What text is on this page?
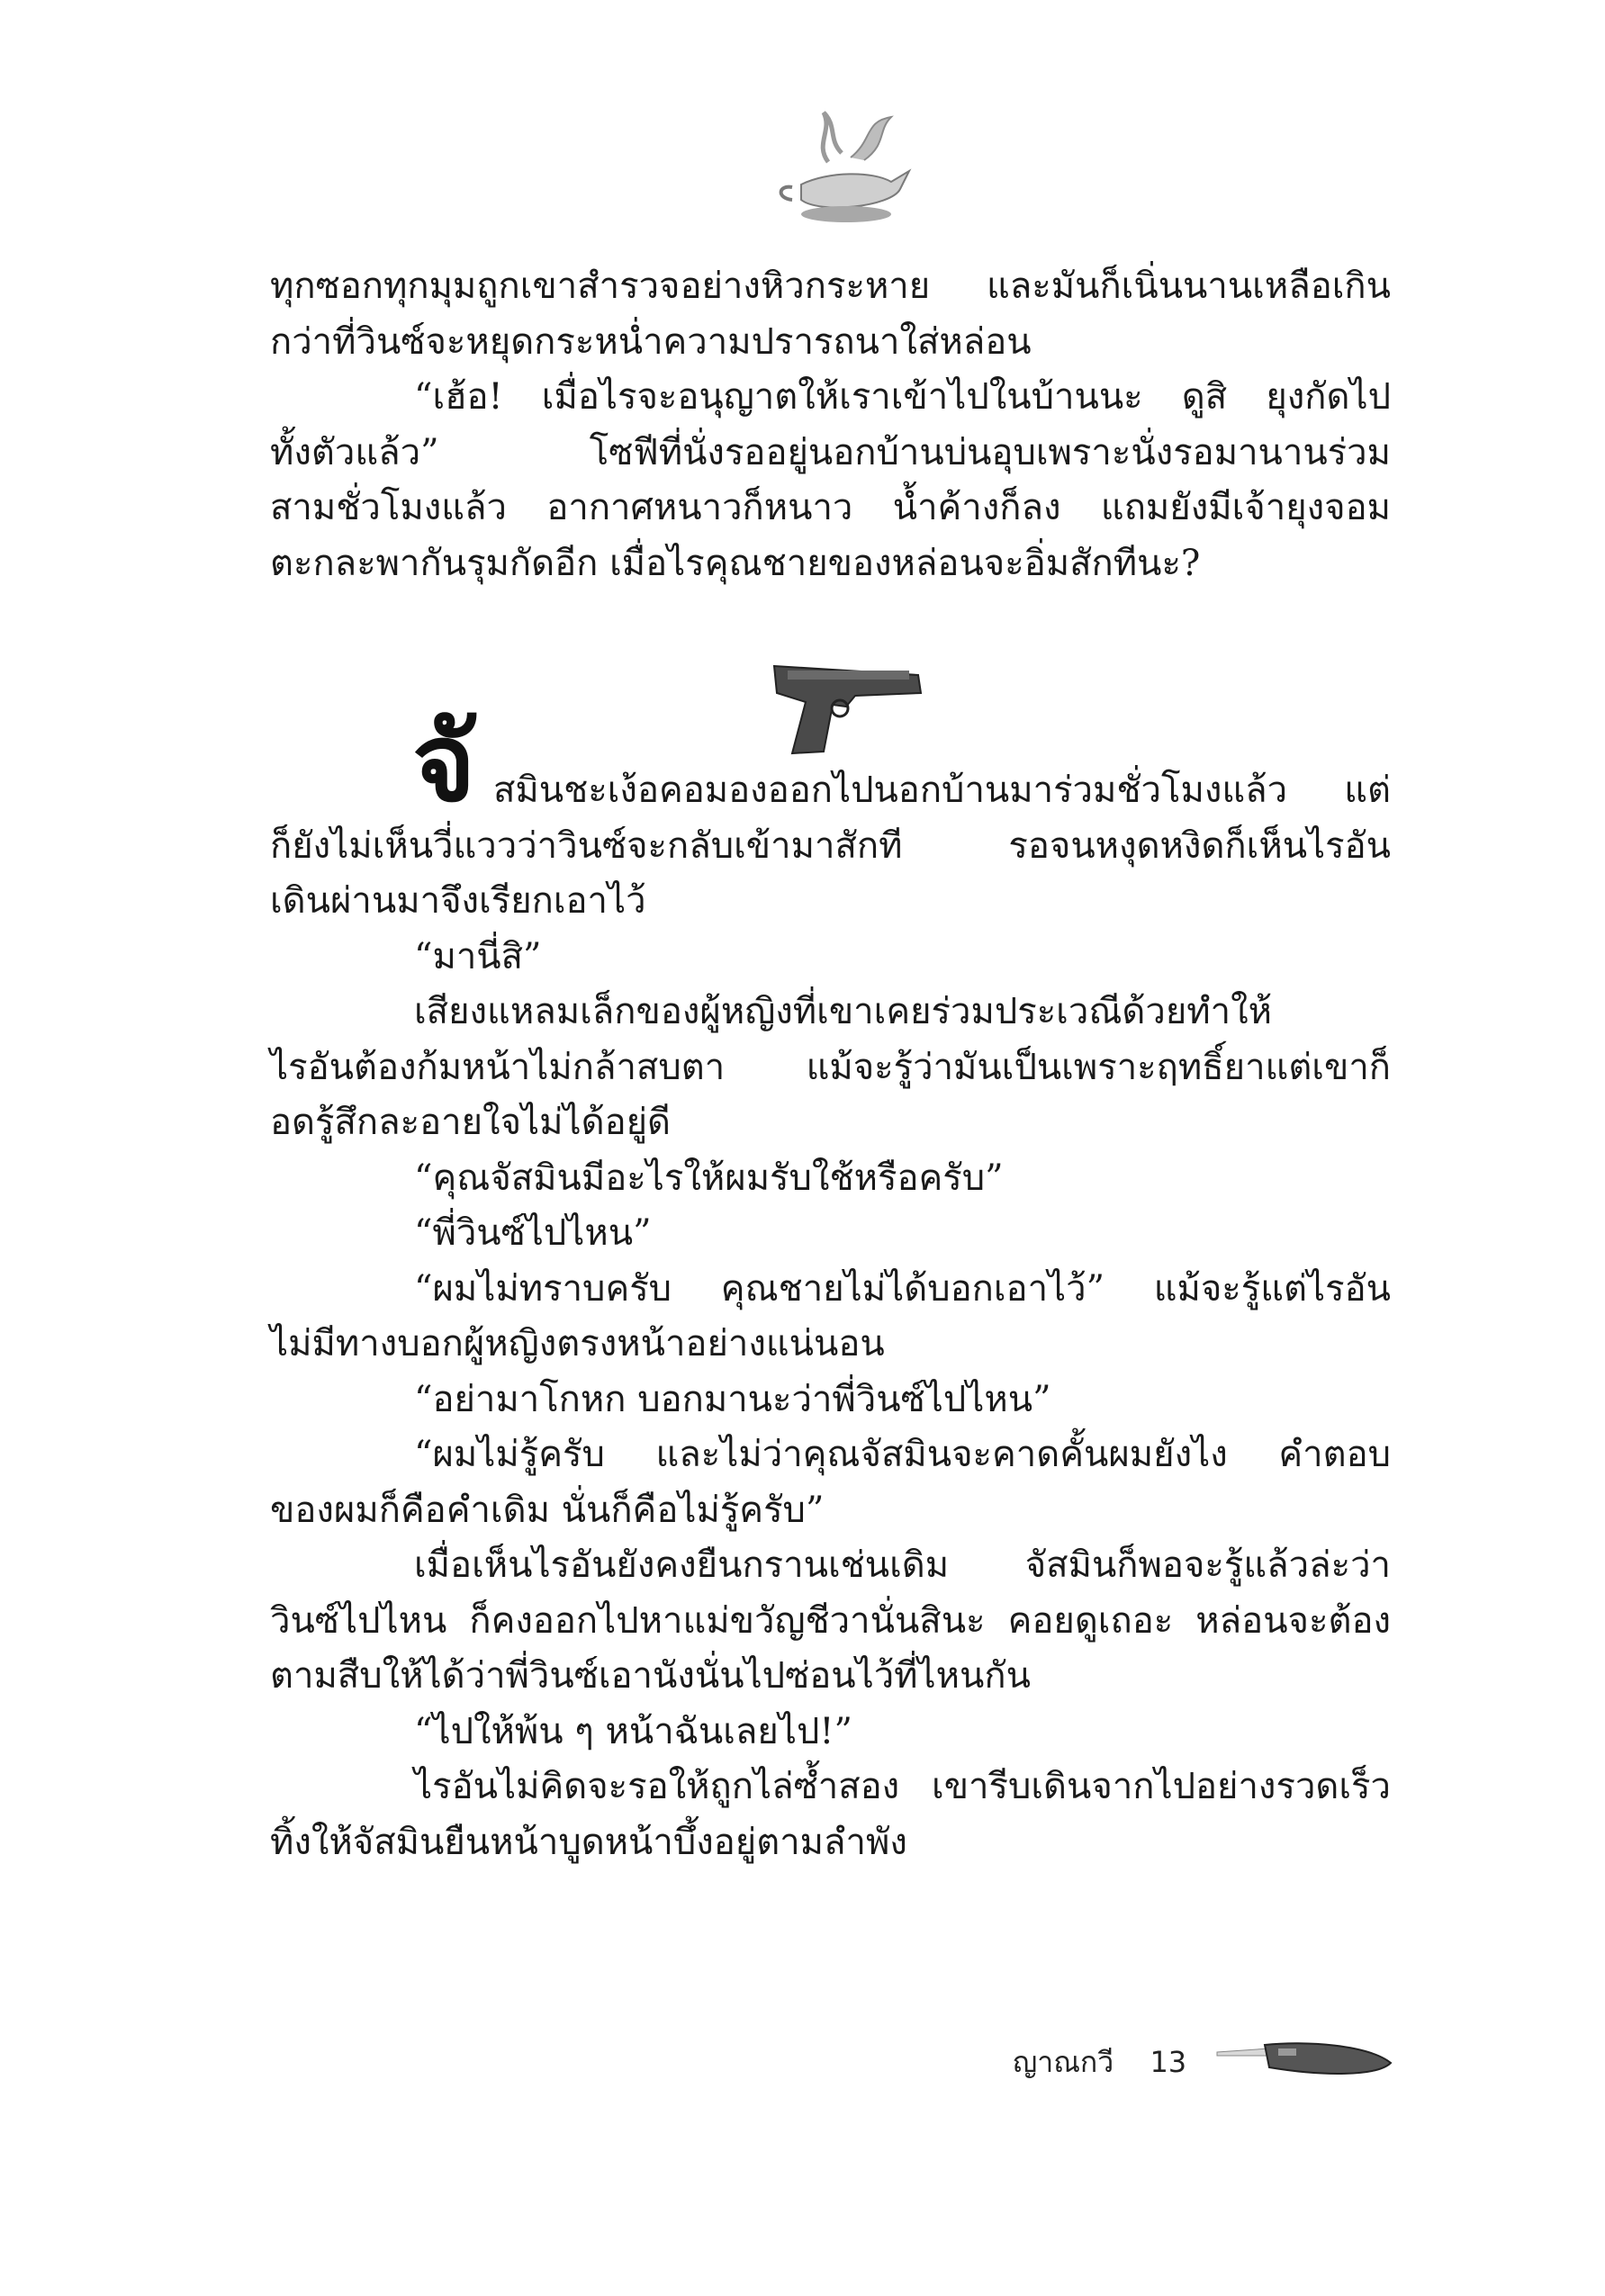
ทุกซอกทุกมุมถูกเขาสำรวจอย่างหิวกระหาย และมันก็เนิ่นนานเหลือเกิน
กว่าที่วินซ์จะหยุดกระหน่ำความปรารถนาใส่หล่อน
“เฮ้อ! เมื่อไรจะอนุญาตให้เราเข้าไปในบ้านนะ ดูสิ ยุงกัดไป
ทั้งตัวแล้ว” โซฟีที่นั่งรออยู่นอกบ้านบ่นอุบเพราะนั่งรอมานานร่วม
สามชั่วโมงแล้ว อากาศหนาวก็หนาว น้ำค้างก็ลง แถมยังมีเจ้ายุงจอม
ตะกละพากันรุมกัดอีก เมื่อไรคุณชายของหล่อนจะอิ่มสักทีนะ?
จั สมินชะเง้อคอมองออกไปนอกบ้านมาร่วมชั่วโมงแล้ว แต่
ก็ยังไม่เห็นวี่แววว่าวินซ์จะกลับเข้ามาสักที รอจนหงุดหงิดก็เห็นไรอัน
เดินผ่านมาจึงเรียกเอาไว้
“มานี่สิ”
เสียงแหลมเล็กของผู้หญิงที่เขาเคยร่วมประเวณีด้วยทำให้
ไรอันต้องก้มหน้าไม่กล้าสบตา แม้จะรู้ว่ามันเป็นเพราะฤทธิ์ยาแต่เขาก็
อดรู้สึกละอายใจไม่ได้อยู่ดี
“คุณจัสมินมีอะไรให้ผมรับใช้หรือครับ”
“พี่วินซ์ไปไหน”
“ผมไม่ทราบครับ คุณชายไม่ได้บอกเอาไว้” แม้จะรู้แต่ไรอัน
ไม่มีทางบอกผู้หญิงตรงหน้าอย่างแน่นอน
“อย่ามาโกหก บอกมานะว่าพี่วินซ์ไปไหน”
“ผมไม่รู้ครับ และไม่ว่าคุณจัสมินจะคาดคั้นผมยังไง คำตอบ
ของผมก็คือคำเดิม นั่นก็คือไม่รู้ครับ”
เมื่อเห็นไรอันยังคงยืนกรานเช่นเดิม จัสมินก็พอจะรู้แล้วล่ะว่า
วินซ์ไปไหน ก็คงออกไปหาแม่ขวัญชีวานั่นสินะ คอยดูเถอะ หล่อนจะต้อง
ตามสืบให้ได้ว่าพี่วินซ์เอานังนั่นไปซ่อนไว้ที่ไหนกัน
“ไปให้พ้น ๆ หน้าฉันเลยไป!”
ไรอันไม่คิดจะรอให้ถูกไล่ซ้ำสอง เขารีบเดินจากไปอย่างรวดเร็ว
ทิ้งให้จัสมินยืนหน้าบูดหน้าบึ้งอยู่ตามลำพัง
ญาณกวี 13
